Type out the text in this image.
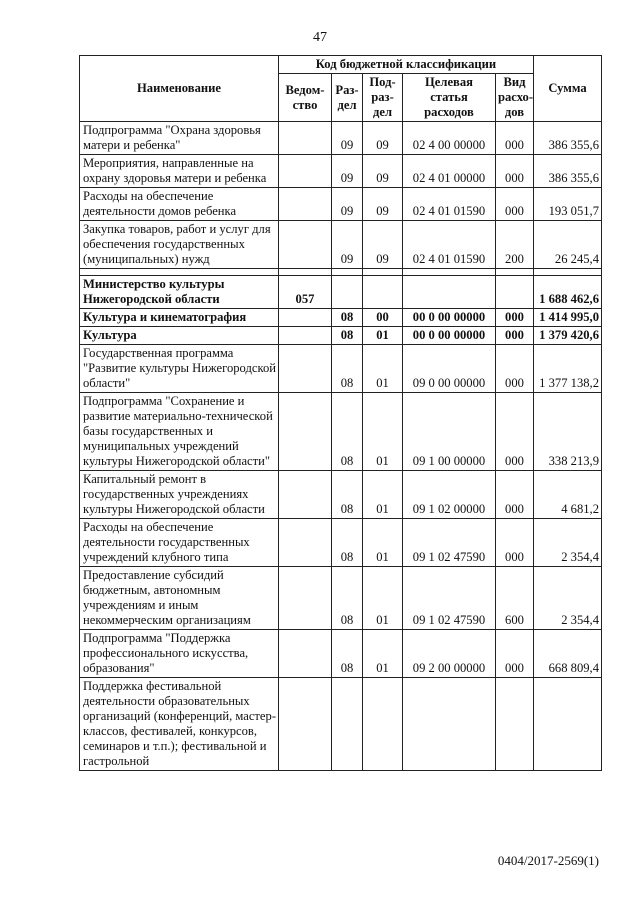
47
Наименование	Код бюджетной классификации					Сумма
	Ведом-ство	Раз-дел	Под-раз-дел	Целевая статья расходов	Вид расхо-дов	
Подпрограмма "Охрана здоровья матери и ребенка"		09	09	02 4 00 00000	000	386 355,6
Мероприятия, направленные на охрану здоровья матери и ребенка		09	09	02 4 01 00000	000	386 355,6
Расходы на обеспечение деятельности домов ребенка		09	09	02 4 01 01590	000	193 051,7
Закупка товаров, работ и услуг для обеспечения государственных (муниципальных) нужд		09	09	02 4 01 01590	200	26 245,4

Министерство культуры Нижегородской области	057					1 688 462,6
Культура и кинематография		08	00	00 0 00 00000	000	1 414 995,0
Культура		08	01	00 0 00 00000	000	1 379 420,6
Государственная программа "Развитие культуры Нижегородской области"		08	01	09 0 00 00000	000	1 377 138,2
Подпрограмма "Сохранение и развитие материально-технической базы государственных и муниципальных учреждений культуры Нижегородской области"		08	01	09 1 00 00000	000	338 213,9
Капитальный ремонт в государственных учреждениях культуры Нижегородской области		08	01	09 1 02 00000	000	4 681,2
Расходы на обеспечение деятельности государственных учреждений клубного типа		08	01	09 1 02 47590	000	2 354,4
Предоставление субсидий бюджетным, автономным учреждениям и иным некоммерческим организациям		08	01	09 1 02 47590	600	2 354,4
Подпрограмма "Поддержка профессионального искусства, образования"		08	01	09 2 00 00000	000	668 809,4
Поддержка фестивальной деятельности образовательных организаций (конференций, мастер-классов, фестивалей, конкурсов, семинаров и т.п.); фестивальной и гастрольной						
0404/2017-2569(1)
